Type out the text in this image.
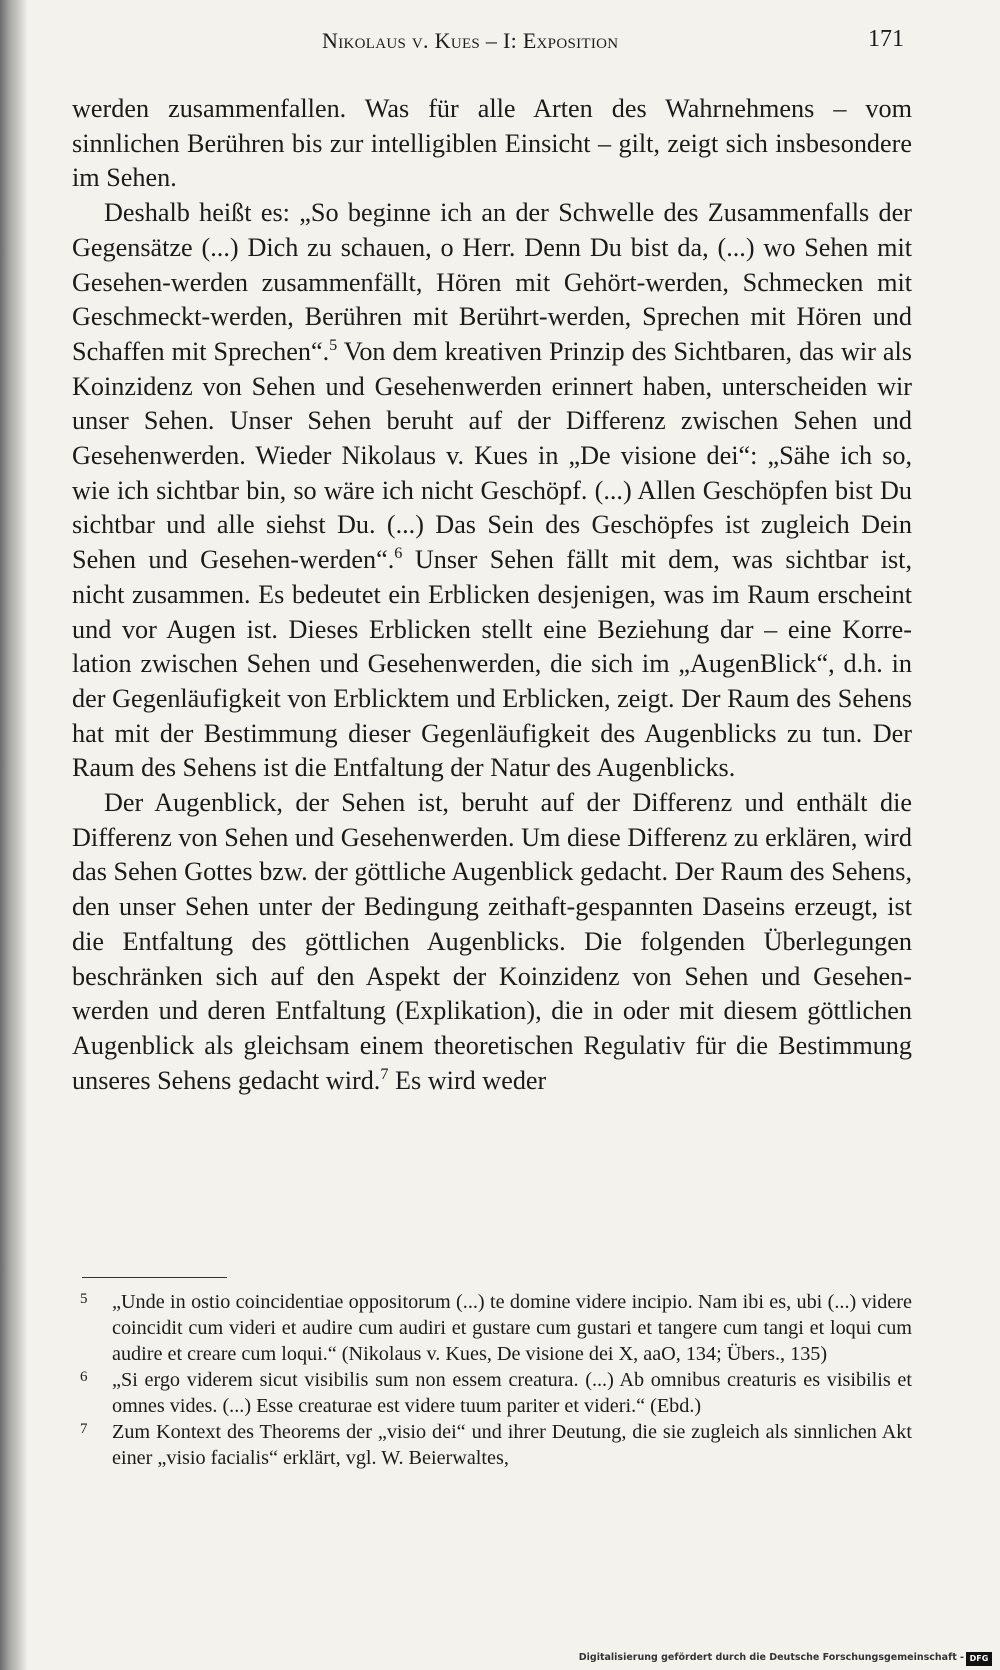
Nikolaus v. Kues – I: Exposition	171

werden zusammenfallen. Was für alle Arten des Wahrnehmens – vom sinnlichen Berühren bis zur intelligiblen Einsicht – gilt, zeigt sich insbesondere im Sehen.

Deshalb heißt es: „So beginne ich an der Schwelle des Zusammenfalls der Gegensätze (...) Dich zu schauen, o Herr. Denn Du bist da, (...) wo Sehen mit Gesehen-werden zusammenfällt, Hören mit Gehört-werden, Schmecken mit Geschmeckt-werden, Berühren mit Berührt-werden, Sprechen mit Hören und Schaffen mit Sprechen“.$^5$ Von dem kreativen Prinzip des Sichtbaren, das wir als Koinzidenz von Sehen und Gesehenwerden erinnert haben, unterscheiden wir unser Sehen. Unser Sehen beruht auf der Differenz zwischen Sehen und Gesehenwerden. Wieder Nikolaus v. Kues in „De visione dei“: „Sähe ich so, wie ich sichtbar bin, so wäre ich nicht Geschöpf. (...) Allen Geschöpfen bist Du sichtbar und alle siehst Du. (...) Das Sein des Geschöpfes ist zugleich Dein Sehen und Gesehen-werden“.$^6$ Unser Sehen fällt mit dem, was sichtbar ist, nicht zusammen. Es bedeutet ein Erblicken desjenigen, was im Raum erscheint und vor Augen ist. Dieses Erblicken stellt eine Beziehung dar – eine Korrelation zwischen Sehen und Gesehenwerden, die sich im „AugenBlick“, d.h. in der Gegenläufigkeit von Erblicktem und Erblicken, zeigt. Der Raum des Sehens hat mit der Bestimmung dieser Gegenläufigkeit des Augenblicks zu tun. Der Raum des Sehens ist die Entfaltung der Natur des Augenblicks.

Der Augenblick, der Sehen ist, beruht auf der Differenz und enthält die Differenz von Sehen und Gesehenwerden. Um diese Differenz zu erklären, wird das Sehen Gottes bzw. der göttliche Augenblick gedacht. Der Raum des Sehens, den unser Sehen unter der Bedingung zeithaft-gespannten Daseins erzeugt, ist die Entfaltung des göttlichen Augenblicks. Die folgenden Überlegungen beschränken sich auf den Aspekt der Koinzidenz von Sehen und Gesehenwerden und deren Entfaltung (Explikation), die in oder mit diesem göttlichen Augenblick als gleichsam einem theoretischen Regulativ für die Bestimmung unseres Sehens gedacht wird.$^7$ Es wird weder

5 „Unde in ostio coincidentiae oppositorum (...) te domine videre incipio. Nam ibi es, ubi (...) videre coincidit cum videri et audire cum audiri et gustare cum gustari et tangere cum tangi et loqui cum audire et creare cum loqui.“ (Nikolaus v. Kues, De visione dei X, aaO, 134; Übers., 135)
6 „Si ergo viderem sicut visibilis sum non essem creatura. (...) Ab omnibus creaturis es visibilis et omnes vides. (...) Esse creaturae est videre tuum pariter et videri.“ (Ebd.)
7 Zum Kontext des Theorems der „visio dei“ und ihrer Deutung, die sie zugleich als sinnlichen Akt einer „visio facialis“ erklärt, vgl. W. Beierwaltes,
Digitalisierung gefördert durch die Deutsche Forschungsgemeinschaft - DFG
